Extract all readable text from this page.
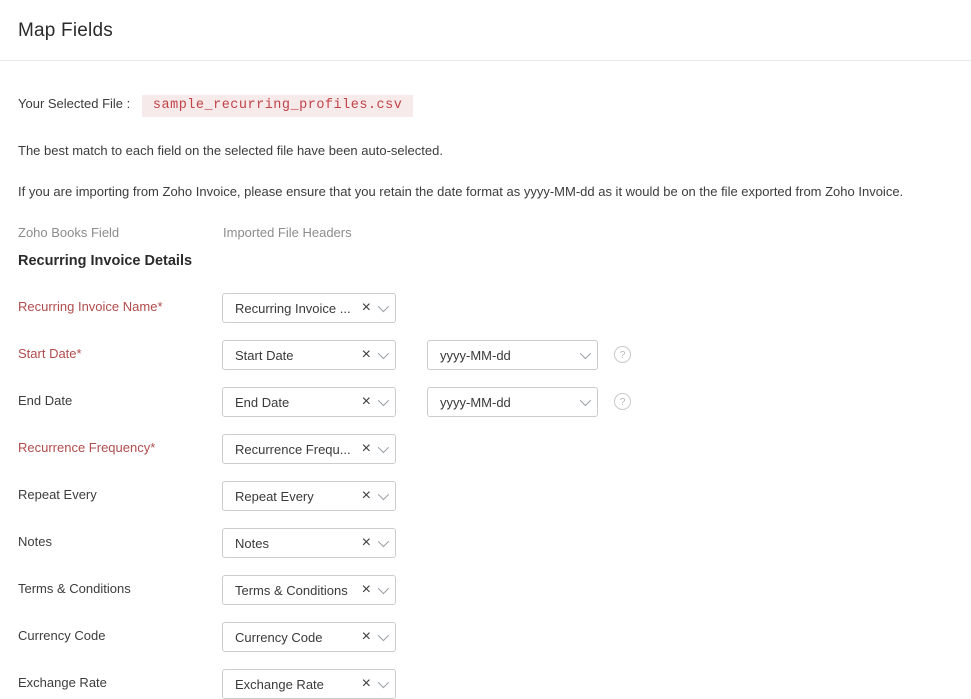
Map Fields
Your Selected File : sample_recurring_profiles.csv

The best match to each field on the selected file have been auto-selected.

If you are importing from Zoho Invoice, please ensure that you retain the date format as yyyy-MM-dd as it would be on the file exported from Zoho Invoice.

Zoho Books Field	Imported File Headers
Recurring Invoice Details
Recurring Invoice Name*	Recurring Invoice ... ×
Start Date*	Start Date	×	yyyy-MM-dd	?
End Date	End Date	×	yyyy-MM-dd	?
Recurrence Frequency*	Recurrence Frequ... ×
Repeat Every	Repeat Every	×
Notes	Notes	×
Terms & Conditions	Terms & Conditions ×
Currency Code	Currency Code ×
Exchange Rate	Exchange Rate ×
